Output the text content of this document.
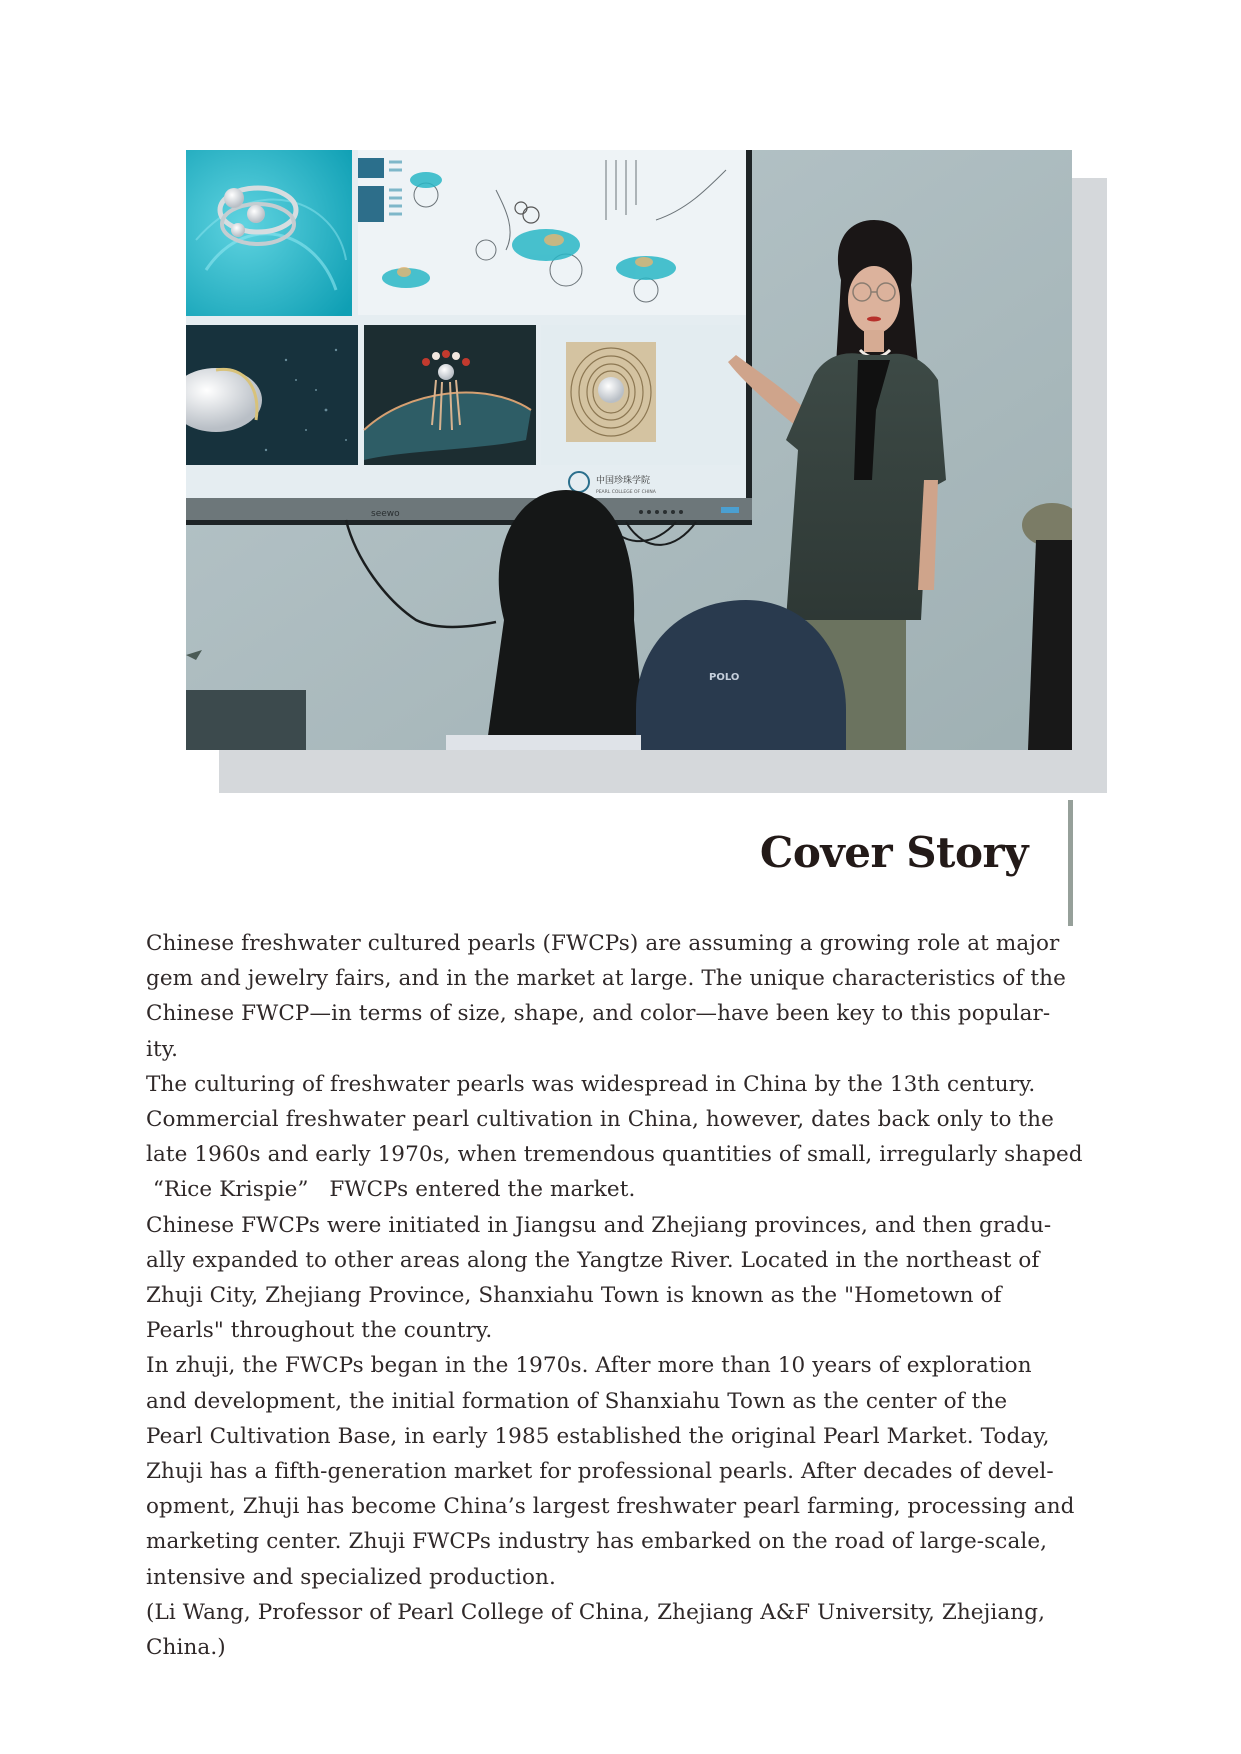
seewo
中国珍珠学院
PEARL COLLEGE OF CHINA
POLO
Cover Story

Chinese freshwater cultured pearls (FWCPs) are assuming a growing role at major
gem and jewelry fairs, and in the market at large. The unique characteristics of the
Chinese FWCP—in terms of size, shape, and color—have been key to this popular-
ity.

The culturing of freshwater pearls was widespread in China by the 13th century.
Commercial freshwater pearl cultivation in China, however, dates back only to the
late 1960s and early 1970s, when tremendous quantities of small, irregularly shaped
“Rice Krispie”   FWCPs entered the market.

Chinese FWCPs were initiated in Jiangsu and Zhejiang provinces, and then gradu-
ally expanded to other areas along the Yangtze River. Located in the northeast of
Zhuji City, Zhejiang Province, Shanxiahu Town is known as the "Hometown of
Pearls" throughout the country.

In zhuji, the FWCPs began in the 1970s. After more than 10 years of exploration
and development, the initial formation of Shanxiahu Town as the center of the
Pearl Cultivation Base, in early 1985 established the original Pearl Market. Today,
Zhuji has a fifth-generation market for professional pearls. After decades of devel-
opment, Zhuji has become China’s largest freshwater pearl farming, processing and
marketing center. Zhuji FWCPs industry has embarked on the road of large-scale,
intensive and specialized production.

(Li Wang, Professor of Pearl College of China, Zhejiang A&F University, Zhejiang,
China.)
